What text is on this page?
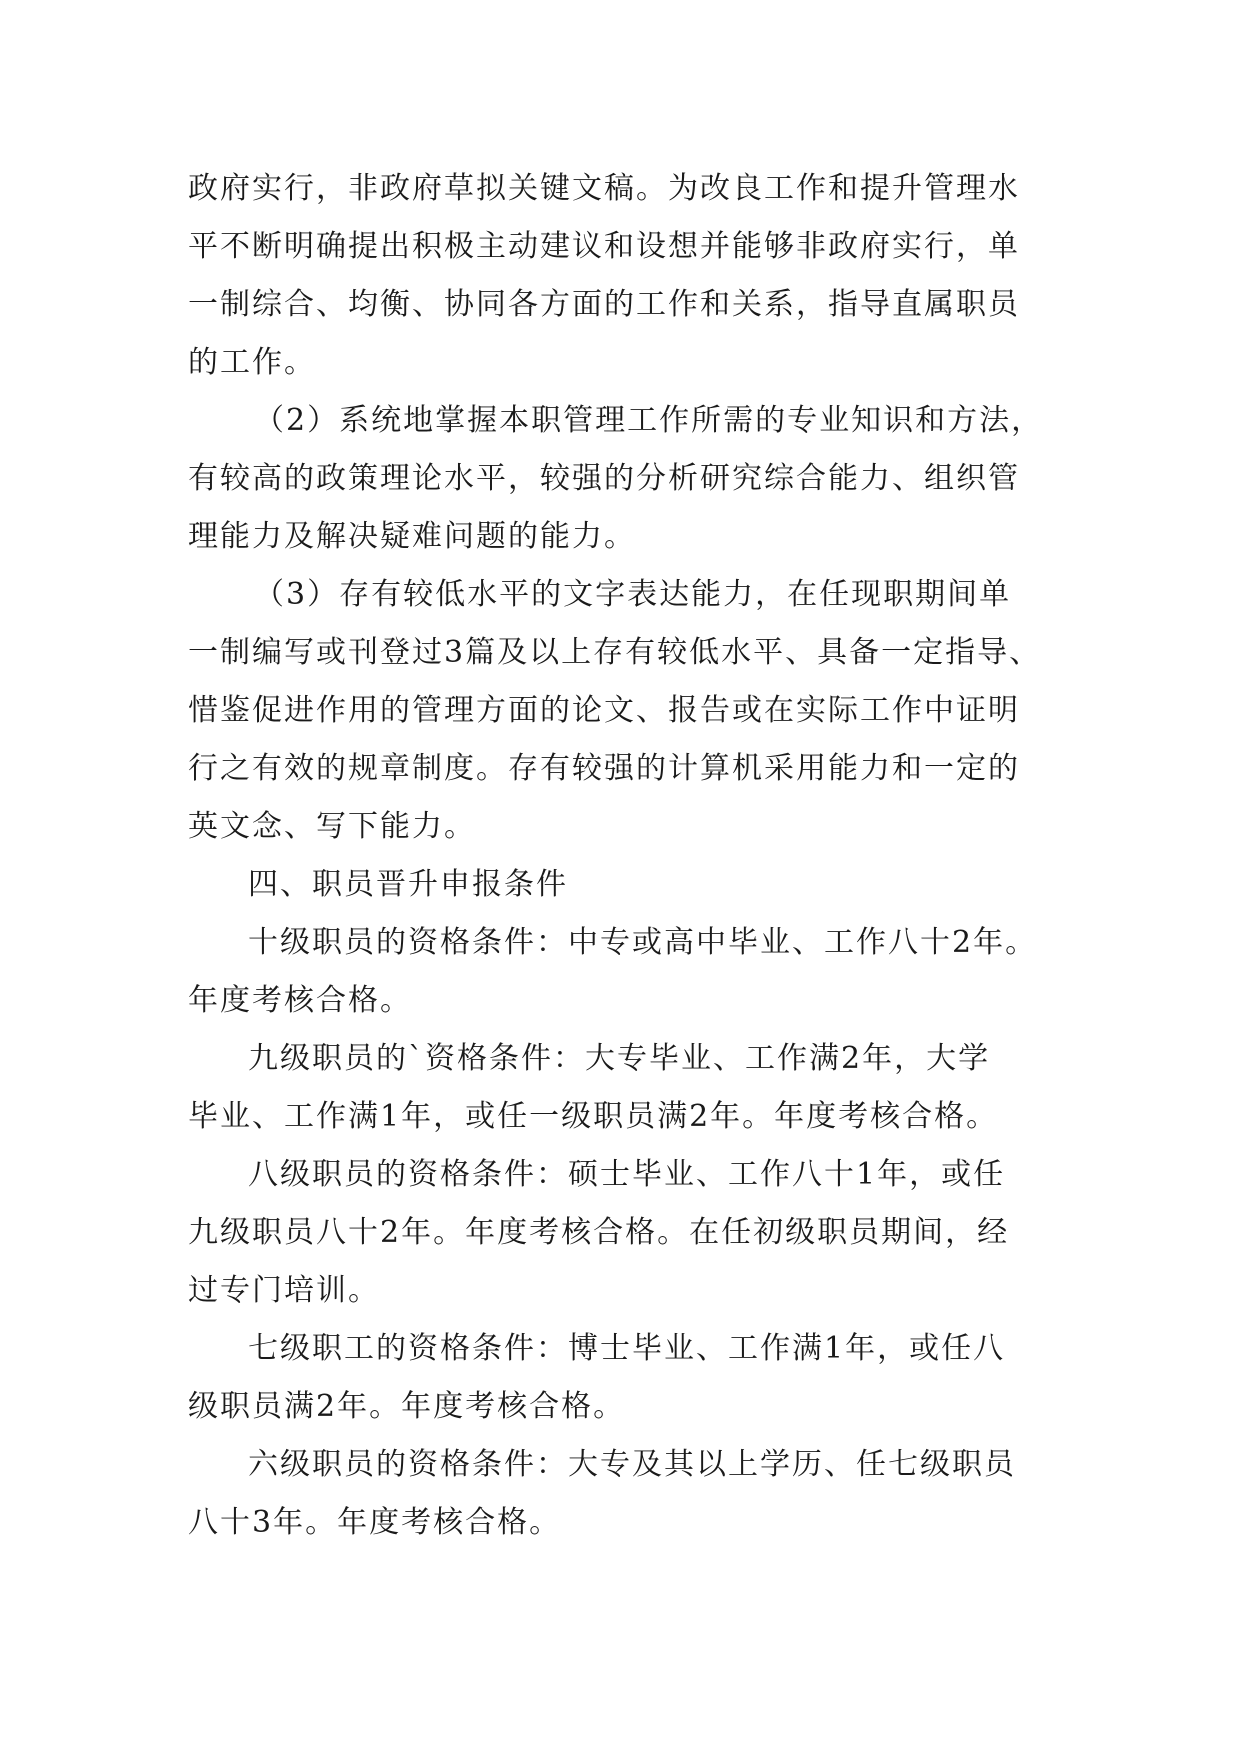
政府实行，非政府草拟关键文稿。为改良工作和提升管理水
平不断明确提出积极主动建议和设想并能够非政府实行，单
一制综合、均衡、协同各方面的工作和关系，指导直属职员
的工作。
（2）系统地掌握本职管理工作所需的专业知识和方法，
有较高的政策理论水平，较强的分析研究综合能力、组织管
理能力及解决疑难问题的能力。
（3）存有较低水平的文字表达能力，在任现职期间单
一制编写或刊登过3篇及以上存有较低水平、具备一定指导、
惜鉴促进作用的管理方面的论文、报告或在实际工作中证明
行之有效的规章制度。存有较强的计算机采用能力和一定的
英文念、写下能力。
四、职员晋升申报条件
十级职员的资格条件：中专或高中毕业、工作八十2年。
年度考核合格。
九级职员的`资格条件：大专毕业、工作满2年，大学
毕业、工作满1年，或任一级职员满2年。年度考核合格。
八级职员的资格条件：硕士毕业、工作八十1年，或任
九级职员八十2年。年度考核合格。在任初级职员期间，经
过专门培训。
七级职工的资格条件：博士毕业、工作满1年，或任八
级职员满2年。年度考核合格。
六级职员的资格条件：大专及其以上学历、任七级职员
八十3年。年度考核合格。
